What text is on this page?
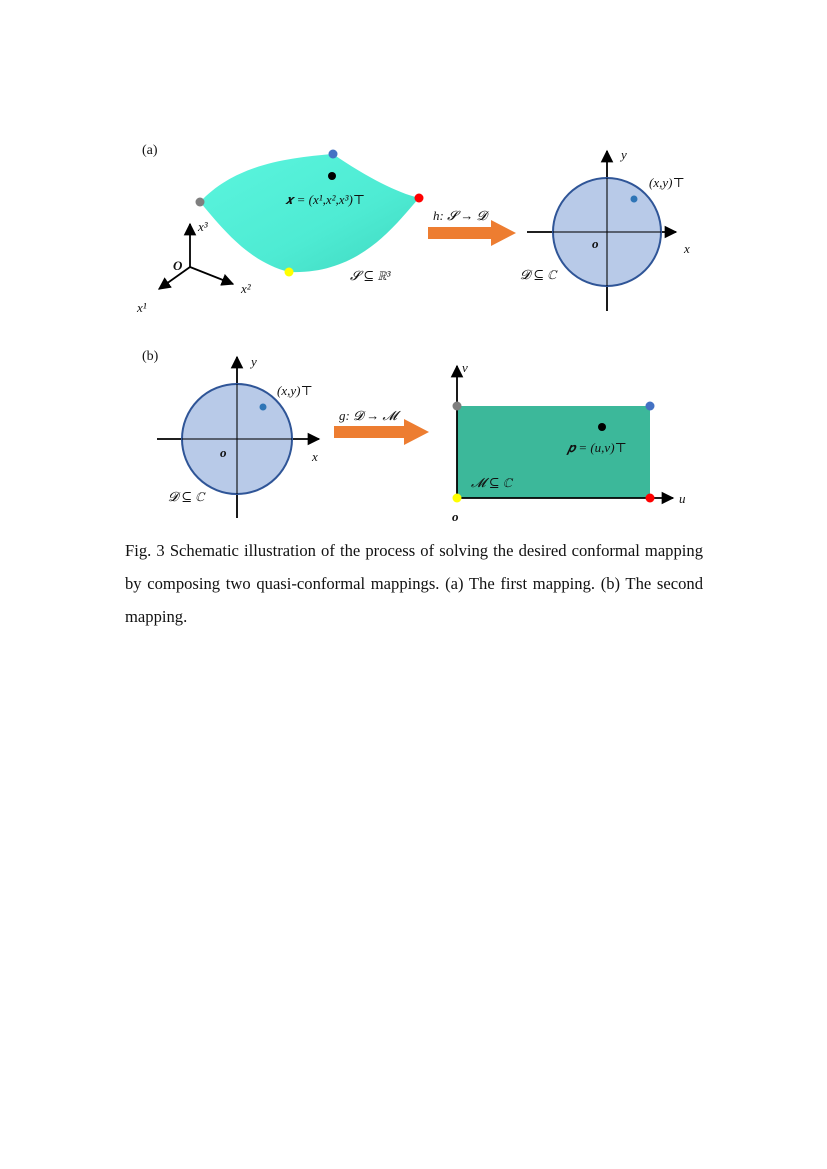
(a)
𝒙 = (x¹,x²,x³)⊤
𝓢 ⊆ ℝ³
x³
x²
x¹
O
h: 𝓢 → 𝓓
(x,y)⊤
o	x
y
𝓓 ⊆ ℂ
(b)
(x,y)⊤
o	x
y
𝓓 ⊆ ℂ
g: 𝓓 → 𝓜
𝒑 = (u,v)⊤
𝓜 ⊆ ℂ
o
u
v
Fig. 3 Schematic illustration of the process of solving the desired conformal mapping by composing two quasi-conformal mappings. (a) The first mapping. (b) The second mapping.
